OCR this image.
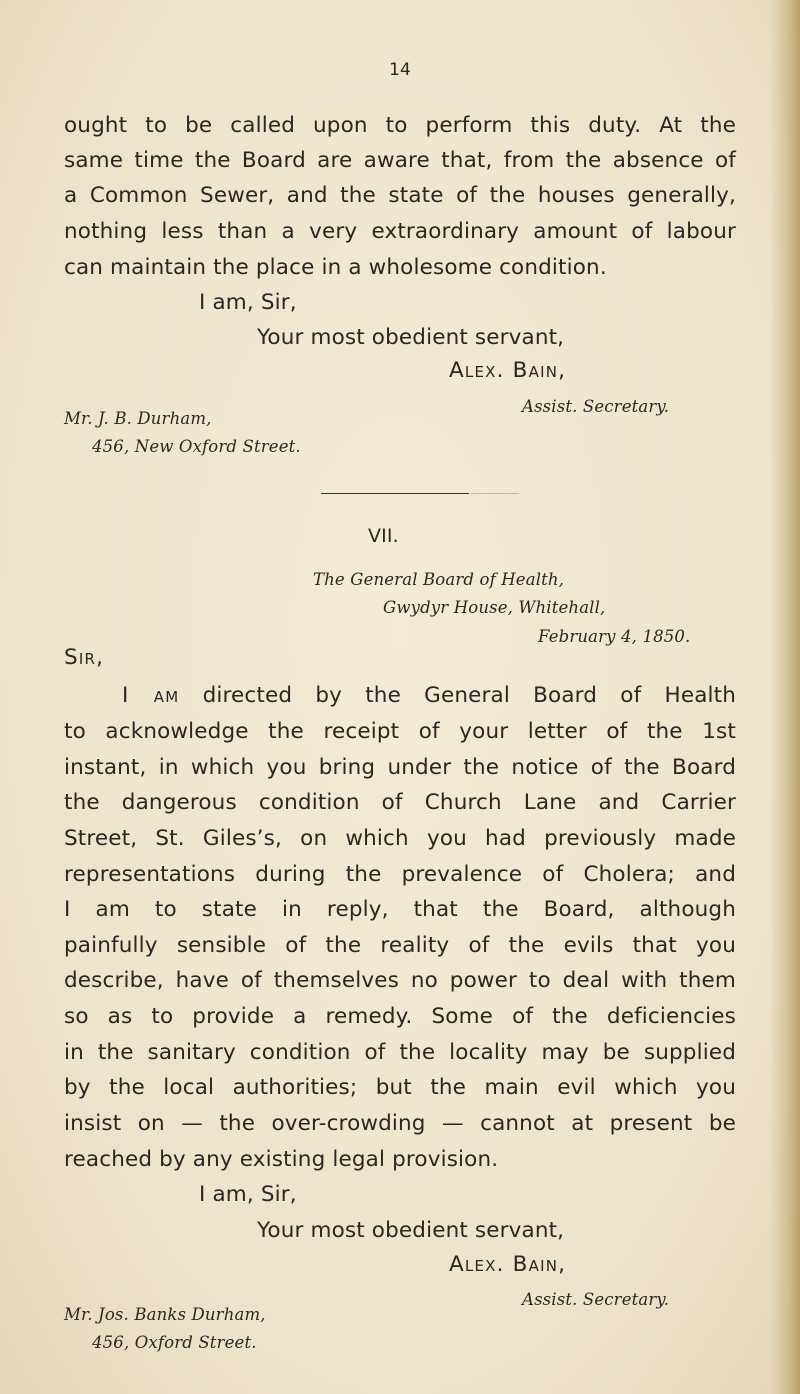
14
ought to be called upon to perform this duty. At the
same time the Board are aware that, from the absence of
a Common Sewer, and the state of the houses generally,
nothing less than a very extraordinary amount of labour
can maintain the place in a wholesome condition.
I am, Sir,
Your most obedient servant,
Alex. Bain,
Assist. Secretary.
Mr. J. B. Durham,
456, New Oxford Street.
VII.
The General Board of Health,
Gwydyr House, Whitehall,
February 4, 1850.
Sir,
I am directed by the General Board of Health
to acknowledge the receipt of your letter of the 1st
instant, in which you bring under the notice of the Board
the dangerous condition of Church Lane and Carrier
Street, St. Giles’s, on which you had previously made
representations during the prevalence of Cholera; and
I am to state in reply, that the Board, although
painfully sensible of the reality of the evils that you
describe, have of themselves no power to deal with them
so as to provide a remedy. Some of the deficiencies
in the sanitary condition of the locality may be supplied
by the local authorities; but the main evil which you
insist on — the over-crowding — cannot at present be
reached by any existing legal provision.
I am, Sir,
Your most obedient servant,
Alex. Bain,
Assist. Secretary.
Mr. Jos. Banks Durham,
456, Oxford Street.
